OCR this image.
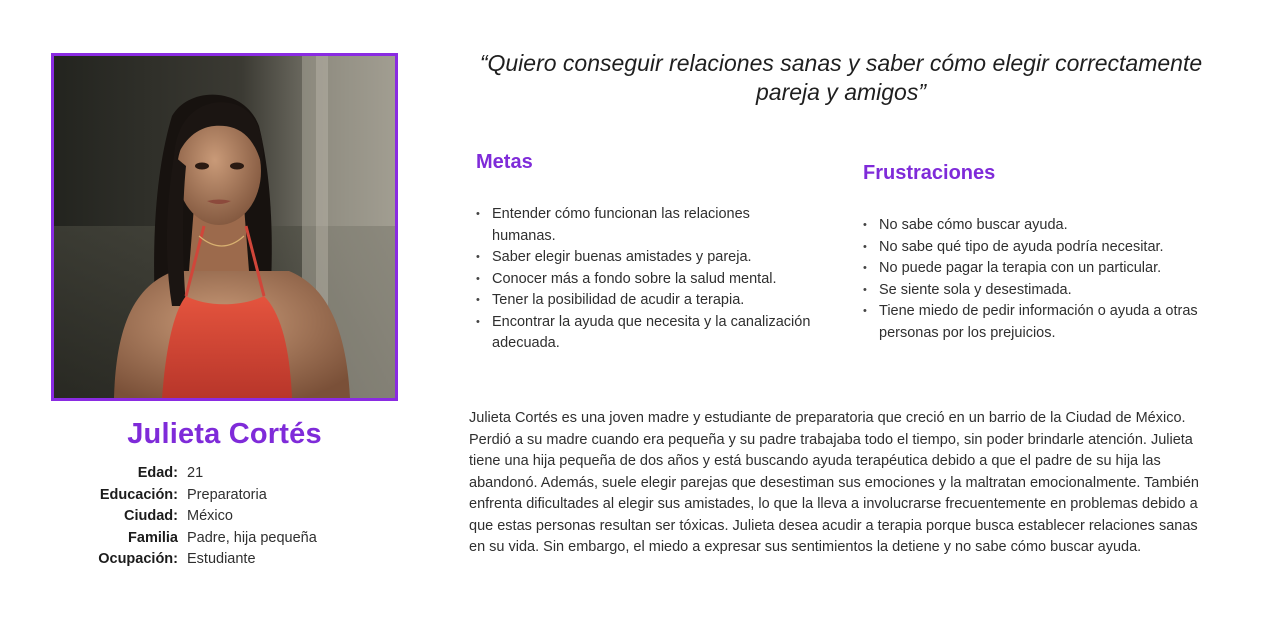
Julieta Cortés
Edad: 21
Educación: Preparatoria
Ciudad: México
Familia Padre, hija pequeña
Ocupación: Estudiante
“Quiero conseguir relaciones sanas y saber cómo elegir correctamente pareja y amigos”
Metas
• Entender cómo funcionan las relaciones humanas.
• Saber elegir buenas amistades y pareja.
• Conocer más a fondo sobre la salud mental.
• Tener la posibilidad de acudir a terapia.
• Encontrar la ayuda que necesita y la canalización adecuada.
Frustraciones
• No sabe cómo buscar ayuda.
• No sabe qué tipo de ayuda podría necesitar.
• No puede pagar la terapia con un particular.
• Se siente sola y desestimada.
• Tiene miedo de pedir información o ayuda a otras personas por los prejuicios.

Julieta Cortés es una joven madre y estudiante de preparatoria que creció en un barrio de la Ciudad de México. Perdió a su madre cuando era pequeña y su padre trabajaba todo el tiempo, sin poder brindarle atención. Julieta tiene una hija pequeña de dos años y está buscando ayuda terapéutica debido a que el padre de su hija las abandonó. Además, suele elegir parejas que desestiman sus emociones y la maltratan emocionalmente. También enfrenta dificultades al elegir sus amistades, lo que la lleva a involucrarse frecuentemente en problemas debido a que estas personas resultan ser tóxicas. Julieta desea acudir a terapia porque busca establecer relaciones sanas en su vida. Sin embargo, el miedo a expresar sus sentimientos la detiene y no sabe cómo buscar ayuda.
